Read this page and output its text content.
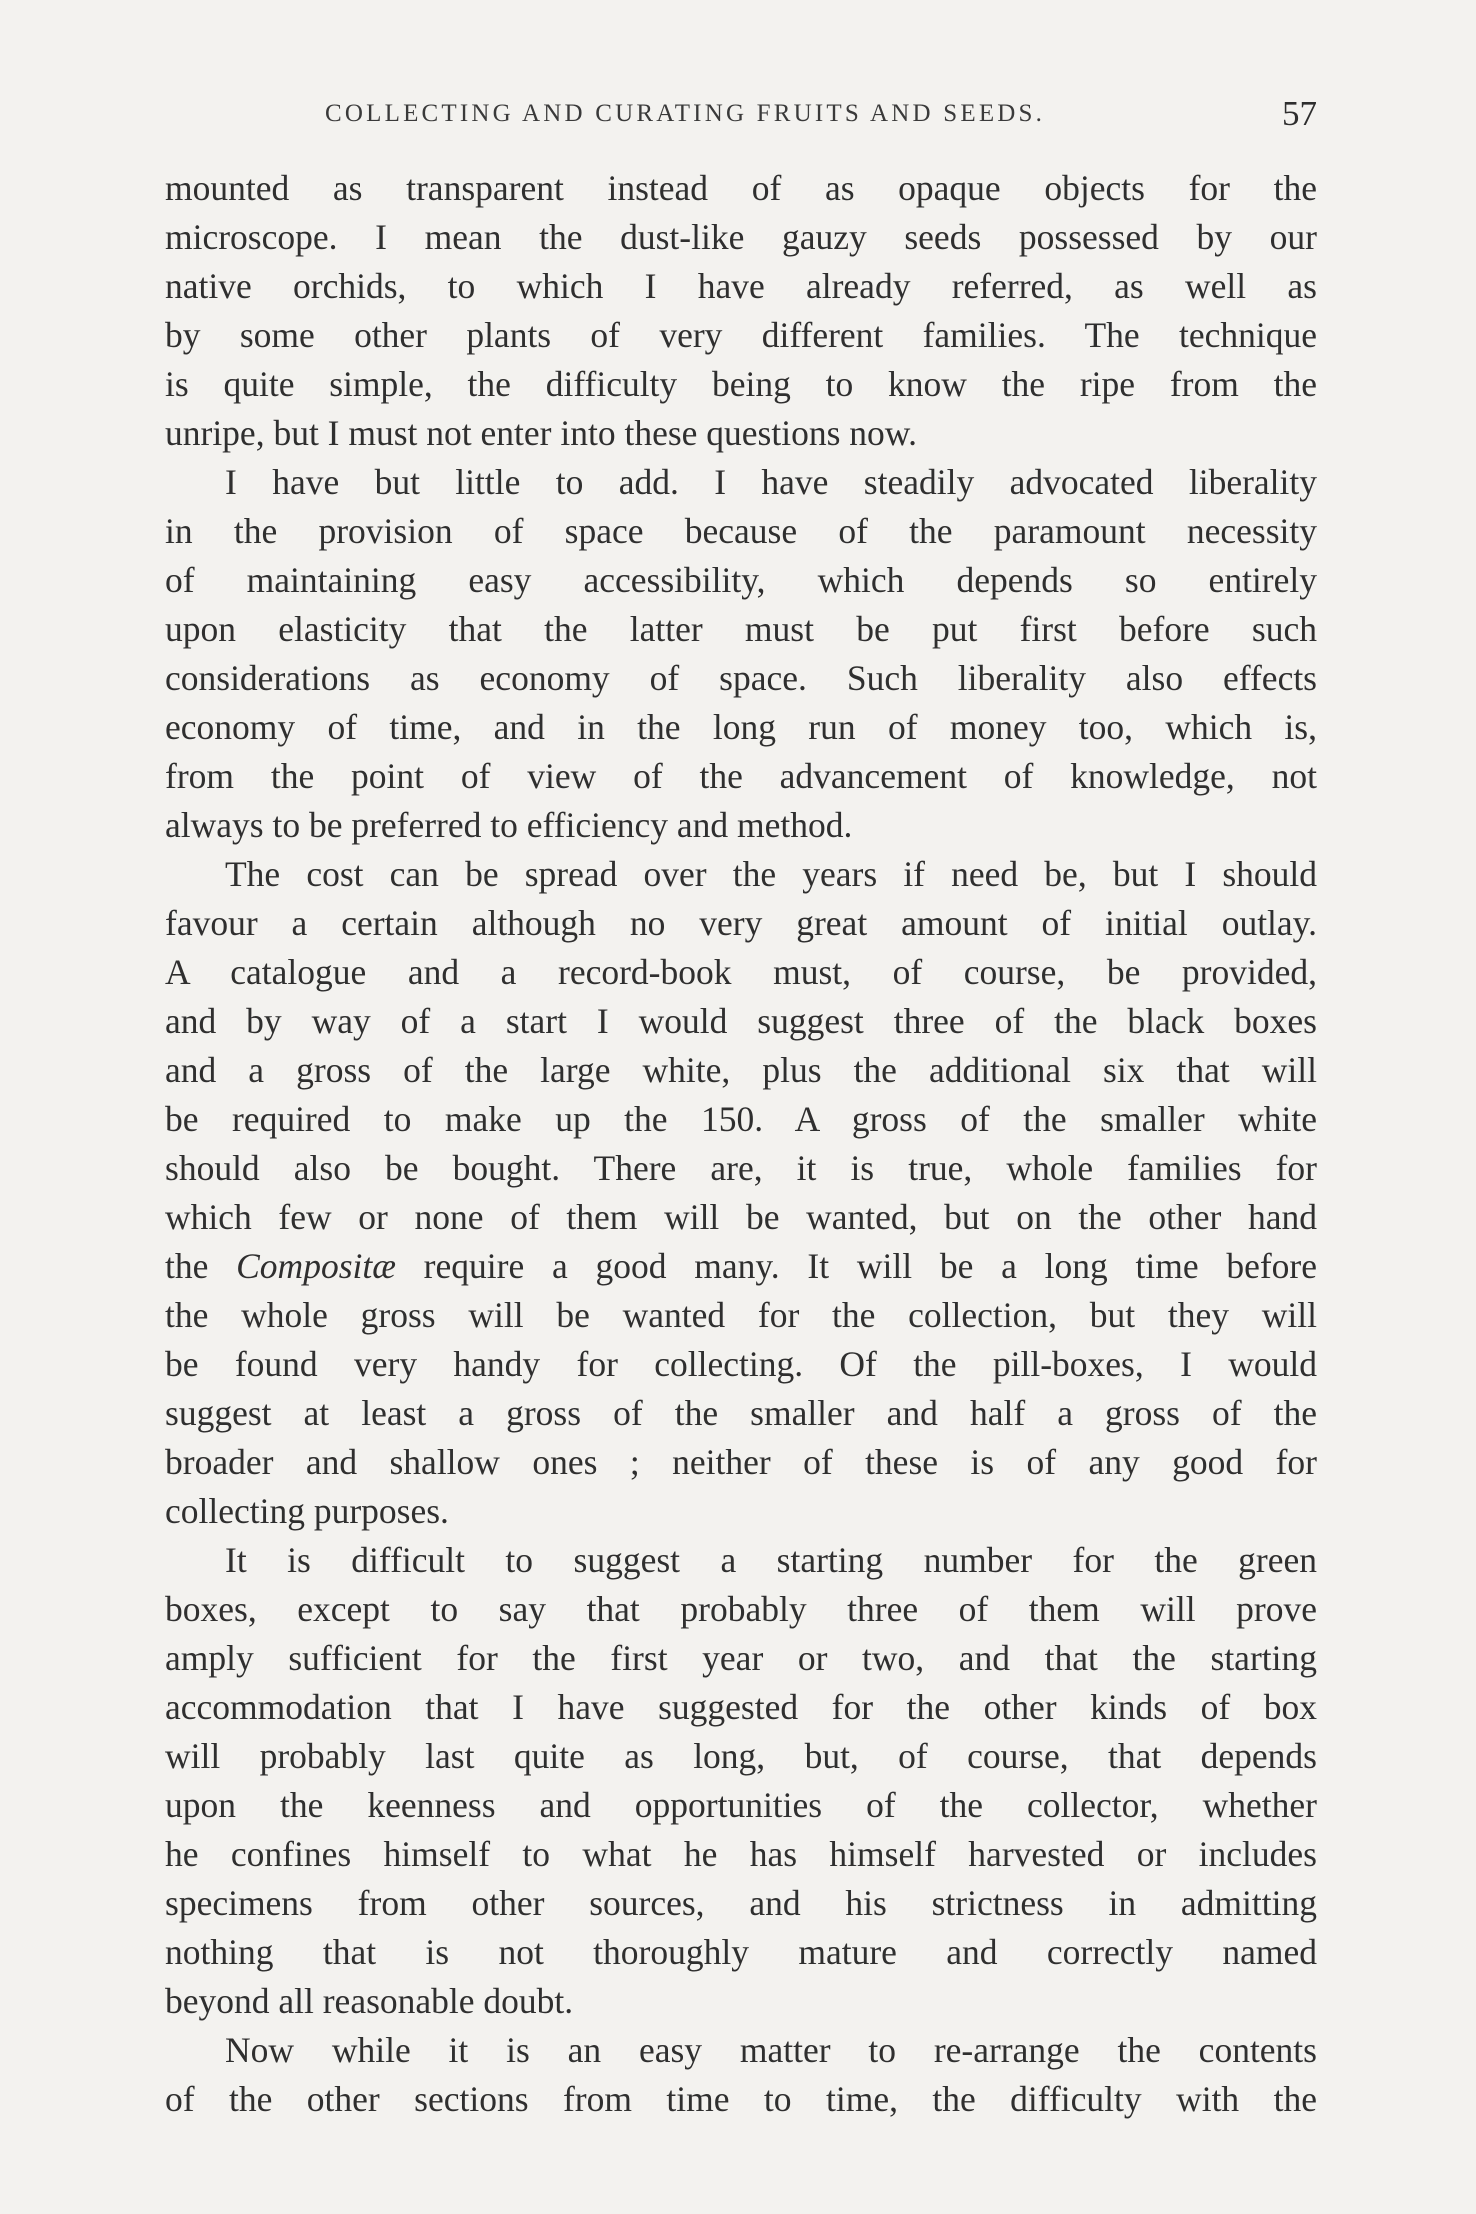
COLLECTING AND CURATING FRUITS AND SEEDS.	57
mounted as transparent instead of as opaque objects for the
microscope. I mean the dust-like gauzy seeds possessed by our
native orchids, to which I have already referred, as well as
by some other plants of very different families. The technique
is quite simple, the difficulty being to know the ripe from the
unripe, but I must not enter into these questions now.
I have but little to add. I have steadily advocated liberality
in the provision of space because of the paramount necessity
of maintaining easy accessibility, which depends so entirely
upon elasticity that the latter must be put first before such
considerations as economy of space. Such liberality also effects
economy of time, and in the long run of money too, which is,
from the point of view of the advancement of knowledge, not
always to be preferred to efficiency and method.
The cost can be spread over the years if need be, but I should
favour a certain although no very great amount of initial outlay.
A catalogue and a record-book must, of course, be provided,
and by way of a start I would suggest three of the black boxes
and a gross of the large white, plus the additional six that will
be required to make up the 150. A gross of the smaller white
should also be bought. There are, it is true, whole families for
which few or none of them will be wanted, but on the other hand
the Compositæ require a good many. It will be a long time before
the whole gross will be wanted for the collection, but they will
be found very handy for collecting. Of the pill-boxes, I would
suggest at least a gross of the smaller and half a gross of the
broader and shallow ones ; neither of these is of any good for
collecting purposes.
It is difficult to suggest a starting number for the green
boxes, except to say that probably three of them will prove
amply sufficient for the first year or two, and that the starting
accommodation that I have suggested for the other kinds of box
will probably last quite as long, but, of course, that depends
upon the keenness and opportunities of the collector, whether
he confines himself to what he has himself harvested or includes
specimens from other sources, and his strictness in admitting
nothing that is not thoroughly mature and correctly named
beyond all reasonable doubt.
Now while it is an easy matter to re-arrange the contents
of the other sections from time to time, the difficulty with the
